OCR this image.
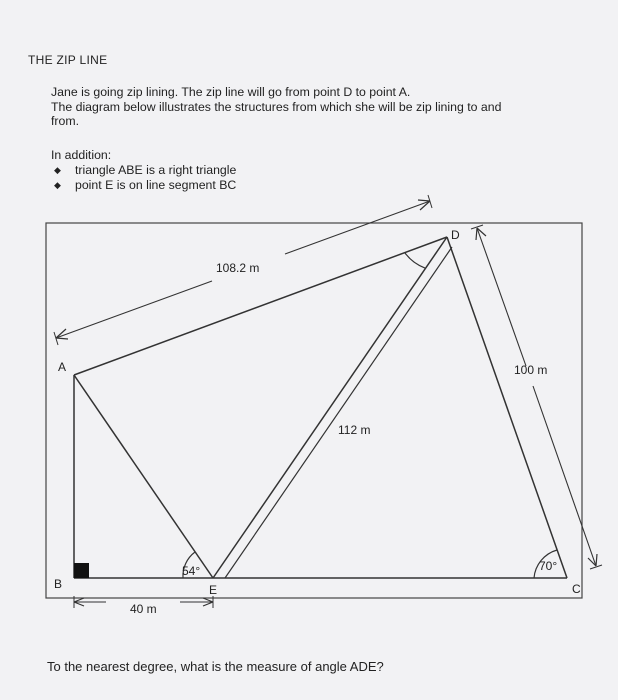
THE ZIP LINE
Jane is going zip lining. The zip line will go from point D to point A.
The diagram below illustrates the structures from which she will be zip lining to and
from.
In addition:
◆ triangle ABE is a right triangle
◆ point E is on line segment BC
A
B	C
D
E
108.2 m
112 m
100 m
40 m
54°	70°
To the nearest degree, what is the measure of angle ADE?
